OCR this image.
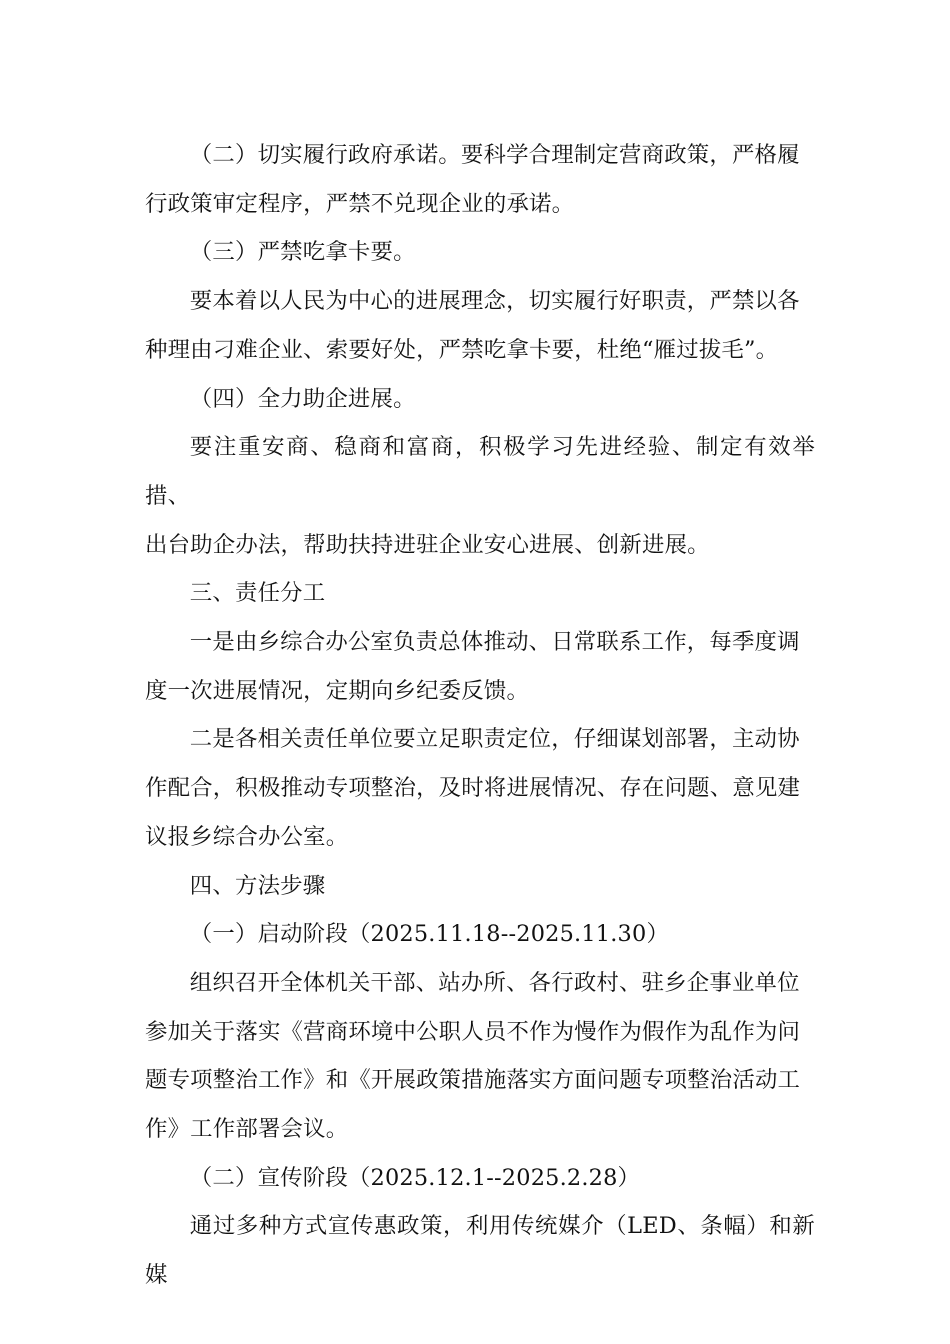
（二）切实履行政府承诺。要科学合理制定营商政策，严格履
行政策审定程序，严禁不兑现企业的承诺。

（三）严禁吃拿卡要。

要本着以人民为中心的进展理念，切实履行好职责，严禁以各
种理由刁难企业、索要好处，严禁吃拿卡要，杜绝“雁过拔毛”。

（四）全力助企进展。

要注重安商、稳商和富商，积极学习先进经验、制定有效举措、
出台助企办法，帮助扶持进驻企业安心进展、创新进展。

三、责任分工

一是由乡综合办公室负责总体推动、日常联系工作，每季度调
度一次进展情况，定期向乡纪委反馈。

二是各相关责任单位要立足职责定位，仔细谋划部署，主动协
作配合，积极推动专项整治，及时将进展情况、存在问题、意见建
议报乡综合办公室。

四、方法步骤

（一）启动阶段（2025.11.18--2025.11.30）

组织召开全体机关干部、站办所、各行政村、驻乡企事业单位
参加关于落实《营商环境中公职人员不作为慢作为假作为乱作为问
题专项整治工作》和《开展政策措施落实方面问题专项整治活动工
作》工作部署会议。

（二）宣传阶段（2025.12.1--2025.2.28）

通过多种方式宣传惠政策，利用传统媒介（LED、条幅）和新媒
